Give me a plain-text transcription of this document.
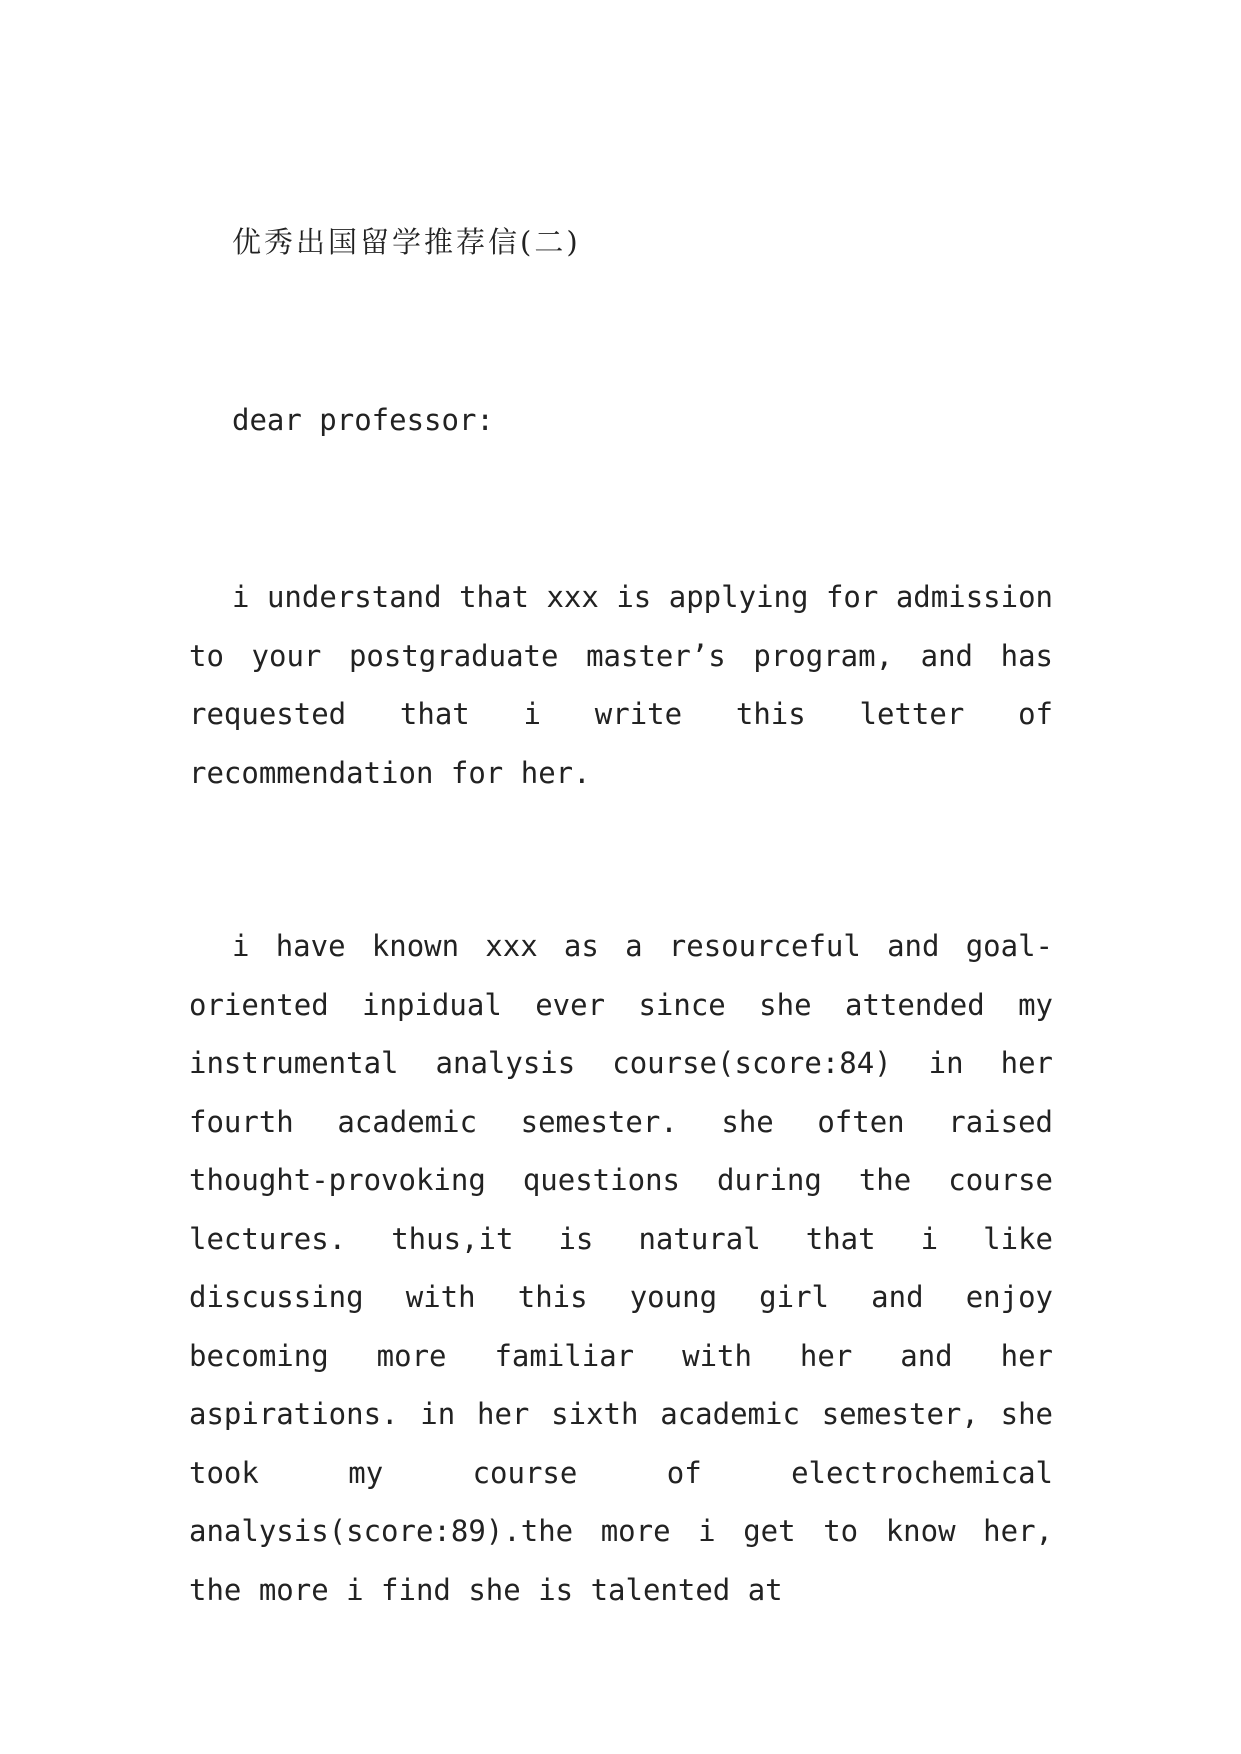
优秀出国留学推荐信(二)

dear professor:

i understand that xxx is applying for admission to your postgraduate master’s program, and has requested that i write this letter of recommendation for her.

i have known xxx as a resourceful and goal-oriented inpidual ever since she attended my instrumental analysis course(score:84) in her fourth academic semester. she often raised thought-provoking questions during the course lectures. thus,it is natural that i like discussing with this young girl and enjoy becoming more familiar with her and her aspirations. in her sixth academic semester, she took my course of electrochemical analysis(score:89).the more i get to know her, the more i find she is talented at
